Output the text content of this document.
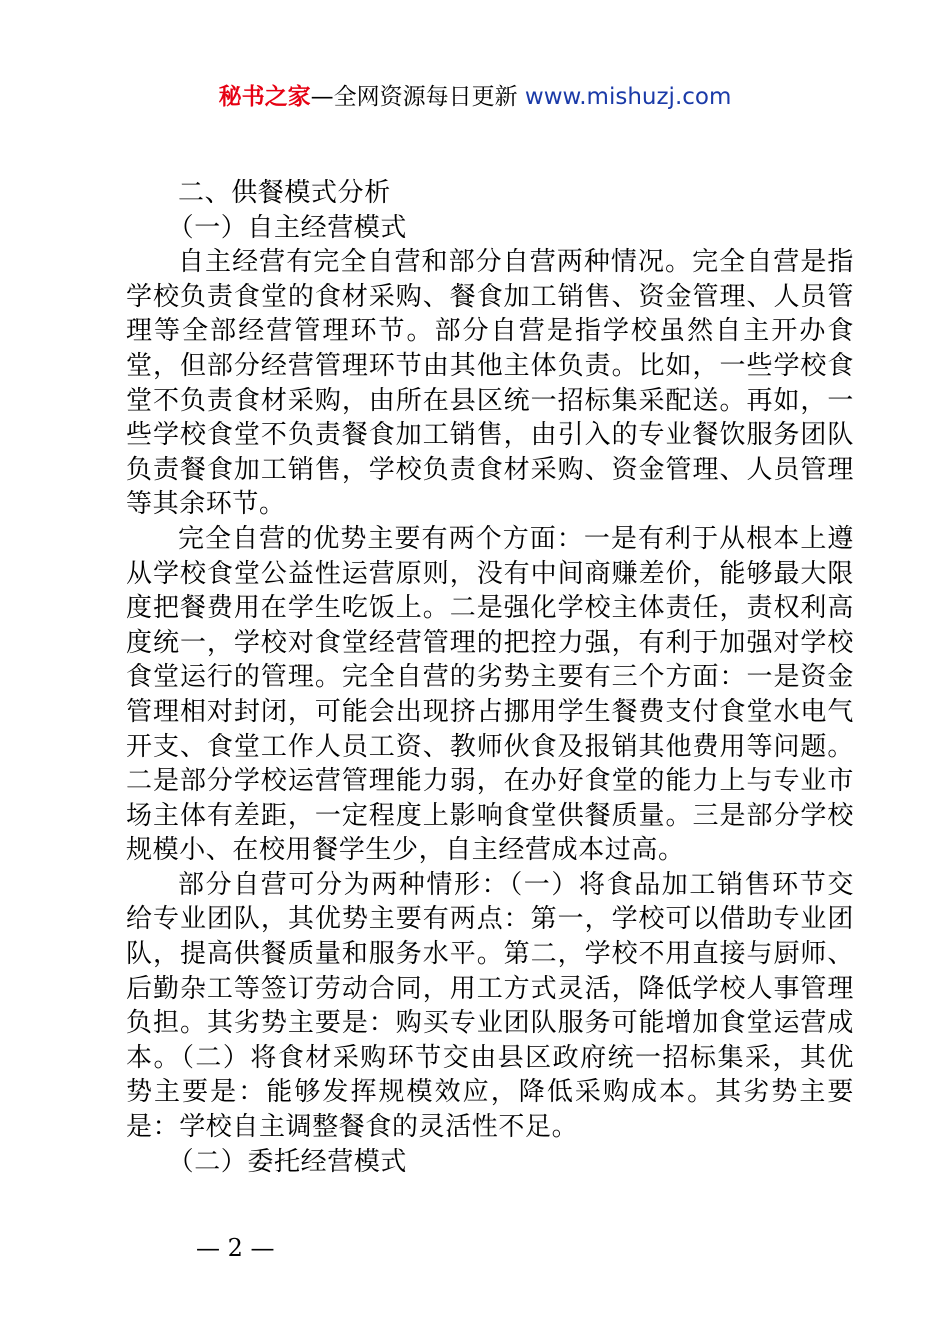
秘书之家—全网资源每日更新 www.mishuzj.com

二、供餐模式分析

（一）自主经营模式

自主经营有完全自营和部分自营两种情况。完全自营是指学校负责食堂的食材采购、餐食加工销售、资金管理、人员管理等全部经营管理环节。部分自营是指学校虽然自主开办食堂，但部分经营管理环节由其他主体负责。比如，一些学校食堂不负责食材采购，由所在县区统一招标集采配送。再如，一些学校食堂不负责餐食加工销售，由引入的专业餐饮服务团队负责餐食加工销售，学校负责食材采购、资金管理、人员管理等其余环节。

完全自营的优势主要有两个方面：一是有利于从根本上遵从学校食堂公益性运营原则，没有中间商赚差价，能够最大限度把餐费用在学生吃饭上。二是强化学校主体责任，责权利高度统一，学校对食堂经营管理的把控力强，有利于加强对学校食堂运行的管理。完全自营的劣势主要有三个方面：一是资金管理相对封闭，可能会出现挤占挪用学生餐费支付食堂水电气开支、食堂工作人员工资、教师伙食及报销其他费用等问题。二是部分学校运营管理能力弱，在办好食堂的能力上与专业市场主体有差距，一定程度上影响食堂供餐质量。三是部分学校规模小、在校用餐学生少，自主经营成本过高。

部分自营可分为两种情形：（一）将食品加工销售环节交给专业团队，其优势主要有两点：第一，学校可以借助专业团队，提高供餐质量和服务水平。第二，学校不用直接与厨师、后勤杂工等签订劳动合同，用工方式灵活，降低学校人事管理负担。其劣势主要是：购买专业团队服务可能增加食堂运营成本。（二）将食材采购环节交由县区政府统一招标集采，其优势主要是：能够发挥规模效应，降低采购成本。其劣势主要是：学校自主调整餐食的灵活性不足。

（二）委托经营模式

— 2 —
